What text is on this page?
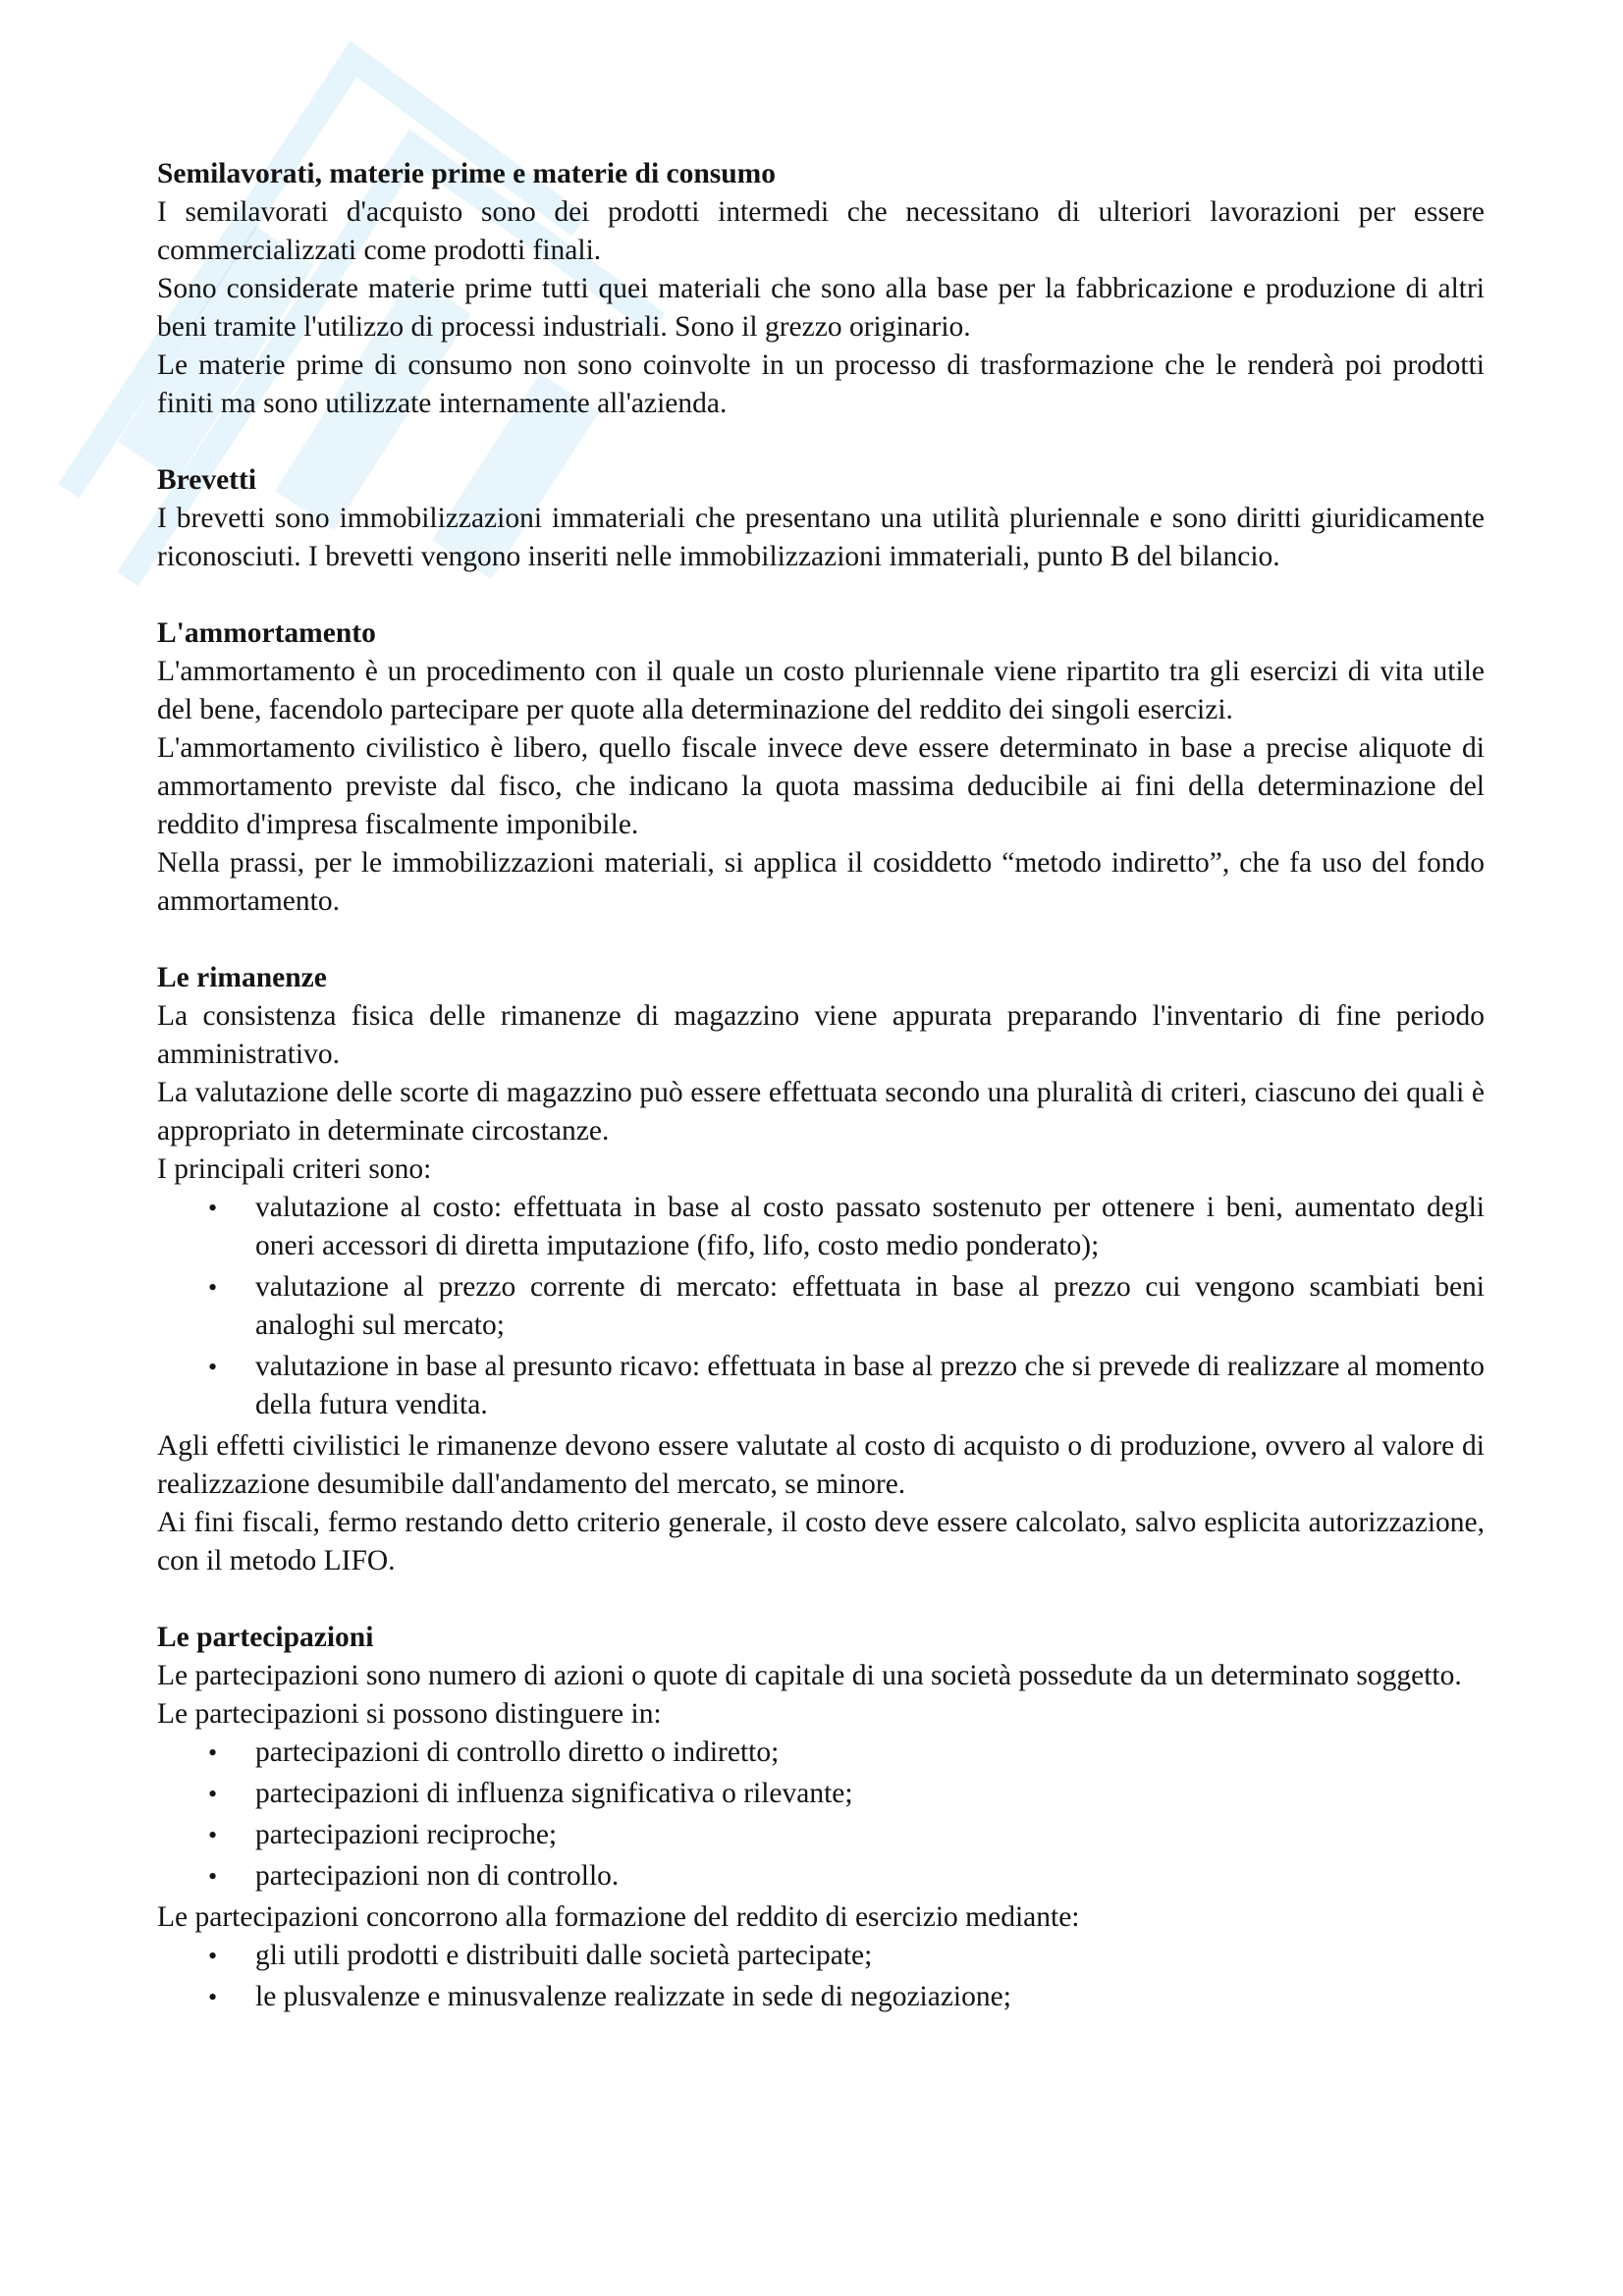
Semilavorati, materie prime e materie di consumo

I semilavorati d'acquisto sono dei prodotti intermedi che necessitano di ulteriori lavorazioni per essere commercializzati come prodotti finali.

Sono considerate materie prime tutti quei materiali che sono alla base per la fabbricazione e produzione di altri beni tramite l'utilizzo di processi industriali. Sono il grezzo originario.

Le materie prime di consumo non sono coinvolte in un processo di trasformazione che le renderà poi prodotti finiti ma sono utilizzate internamente all'azienda.

Brevetti

I brevetti sono immobilizzazioni immateriali che presentano una utilità pluriennale e sono diritti giuridicamente riconosciuti. I brevetti vengono inseriti nelle immobilizzazioni immateriali, punto B del bilancio.

L'ammortamento

L'ammortamento è un procedimento con il quale un costo pluriennale viene ripartito tra gli esercizi di vita utile del bene, facendolo partecipare per quote alla determinazione del reddito dei singoli esercizi.

L'ammortamento civilistico è libero, quello fiscale invece deve essere determinato in base a precise aliquote di ammortamento previste dal fisco, che indicano la quota massima deducibile ai fini della determinazione del reddito d'impresa fiscalmente imponibile.

Nella prassi, per le immobilizzazioni materiali, si applica il cosiddetto “metodo indiretto”, che fa uso del fondo ammortamento.

Le rimanenze

La consistenza fisica delle rimanenze di magazzino viene appurata preparando l'inventario di fine periodo amministrativo.

La valutazione delle scorte di magazzino può essere effettuata secondo una pluralità di criteri, ciascuno dei quali è appropriato in determinate circostanze.

I principali criteri sono:

• valutazione al costo: effettuata in base al costo passato sostenuto per ottenere i beni, aumentato degli oneri accessori di diretta imputazione (fifo, lifo, costo medio ponderato);
• valutazione al prezzo corrente di mercato: effettuata in base al prezzo cui vengono scambiati beni analoghi sul mercato;
• valutazione in base al presunto ricavo: effettuata in base al prezzo che si prevede di realizzare al momento della futura vendita.

Agli effetti civilistici le rimanenze devono essere valutate al costo di acquisto o di produzione, ovvero al valore di realizzazione desumibile dall'andamento del mercato, se minore.

Ai fini fiscali, fermo restando detto criterio generale, il costo deve essere calcolato, salvo esplicita autorizzazione, con il metodo LIFO.

Le partecipazioni

Le partecipazioni sono numero di azioni o quote di capitale di una società possedute da un determinato soggetto.

Le partecipazioni si possono distinguere in:

• partecipazioni di controllo diretto o indiretto;
• partecipazioni di influenza significativa o rilevante;
• partecipazioni reciproche;
• partecipazioni non di controllo.

Le partecipazioni concorrono alla formazione del reddito di esercizio mediante:

• gli utili prodotti e distribuiti dalle società partecipate;
• le plusvalenze e minusvalenze realizzate in sede di negoziazione;
